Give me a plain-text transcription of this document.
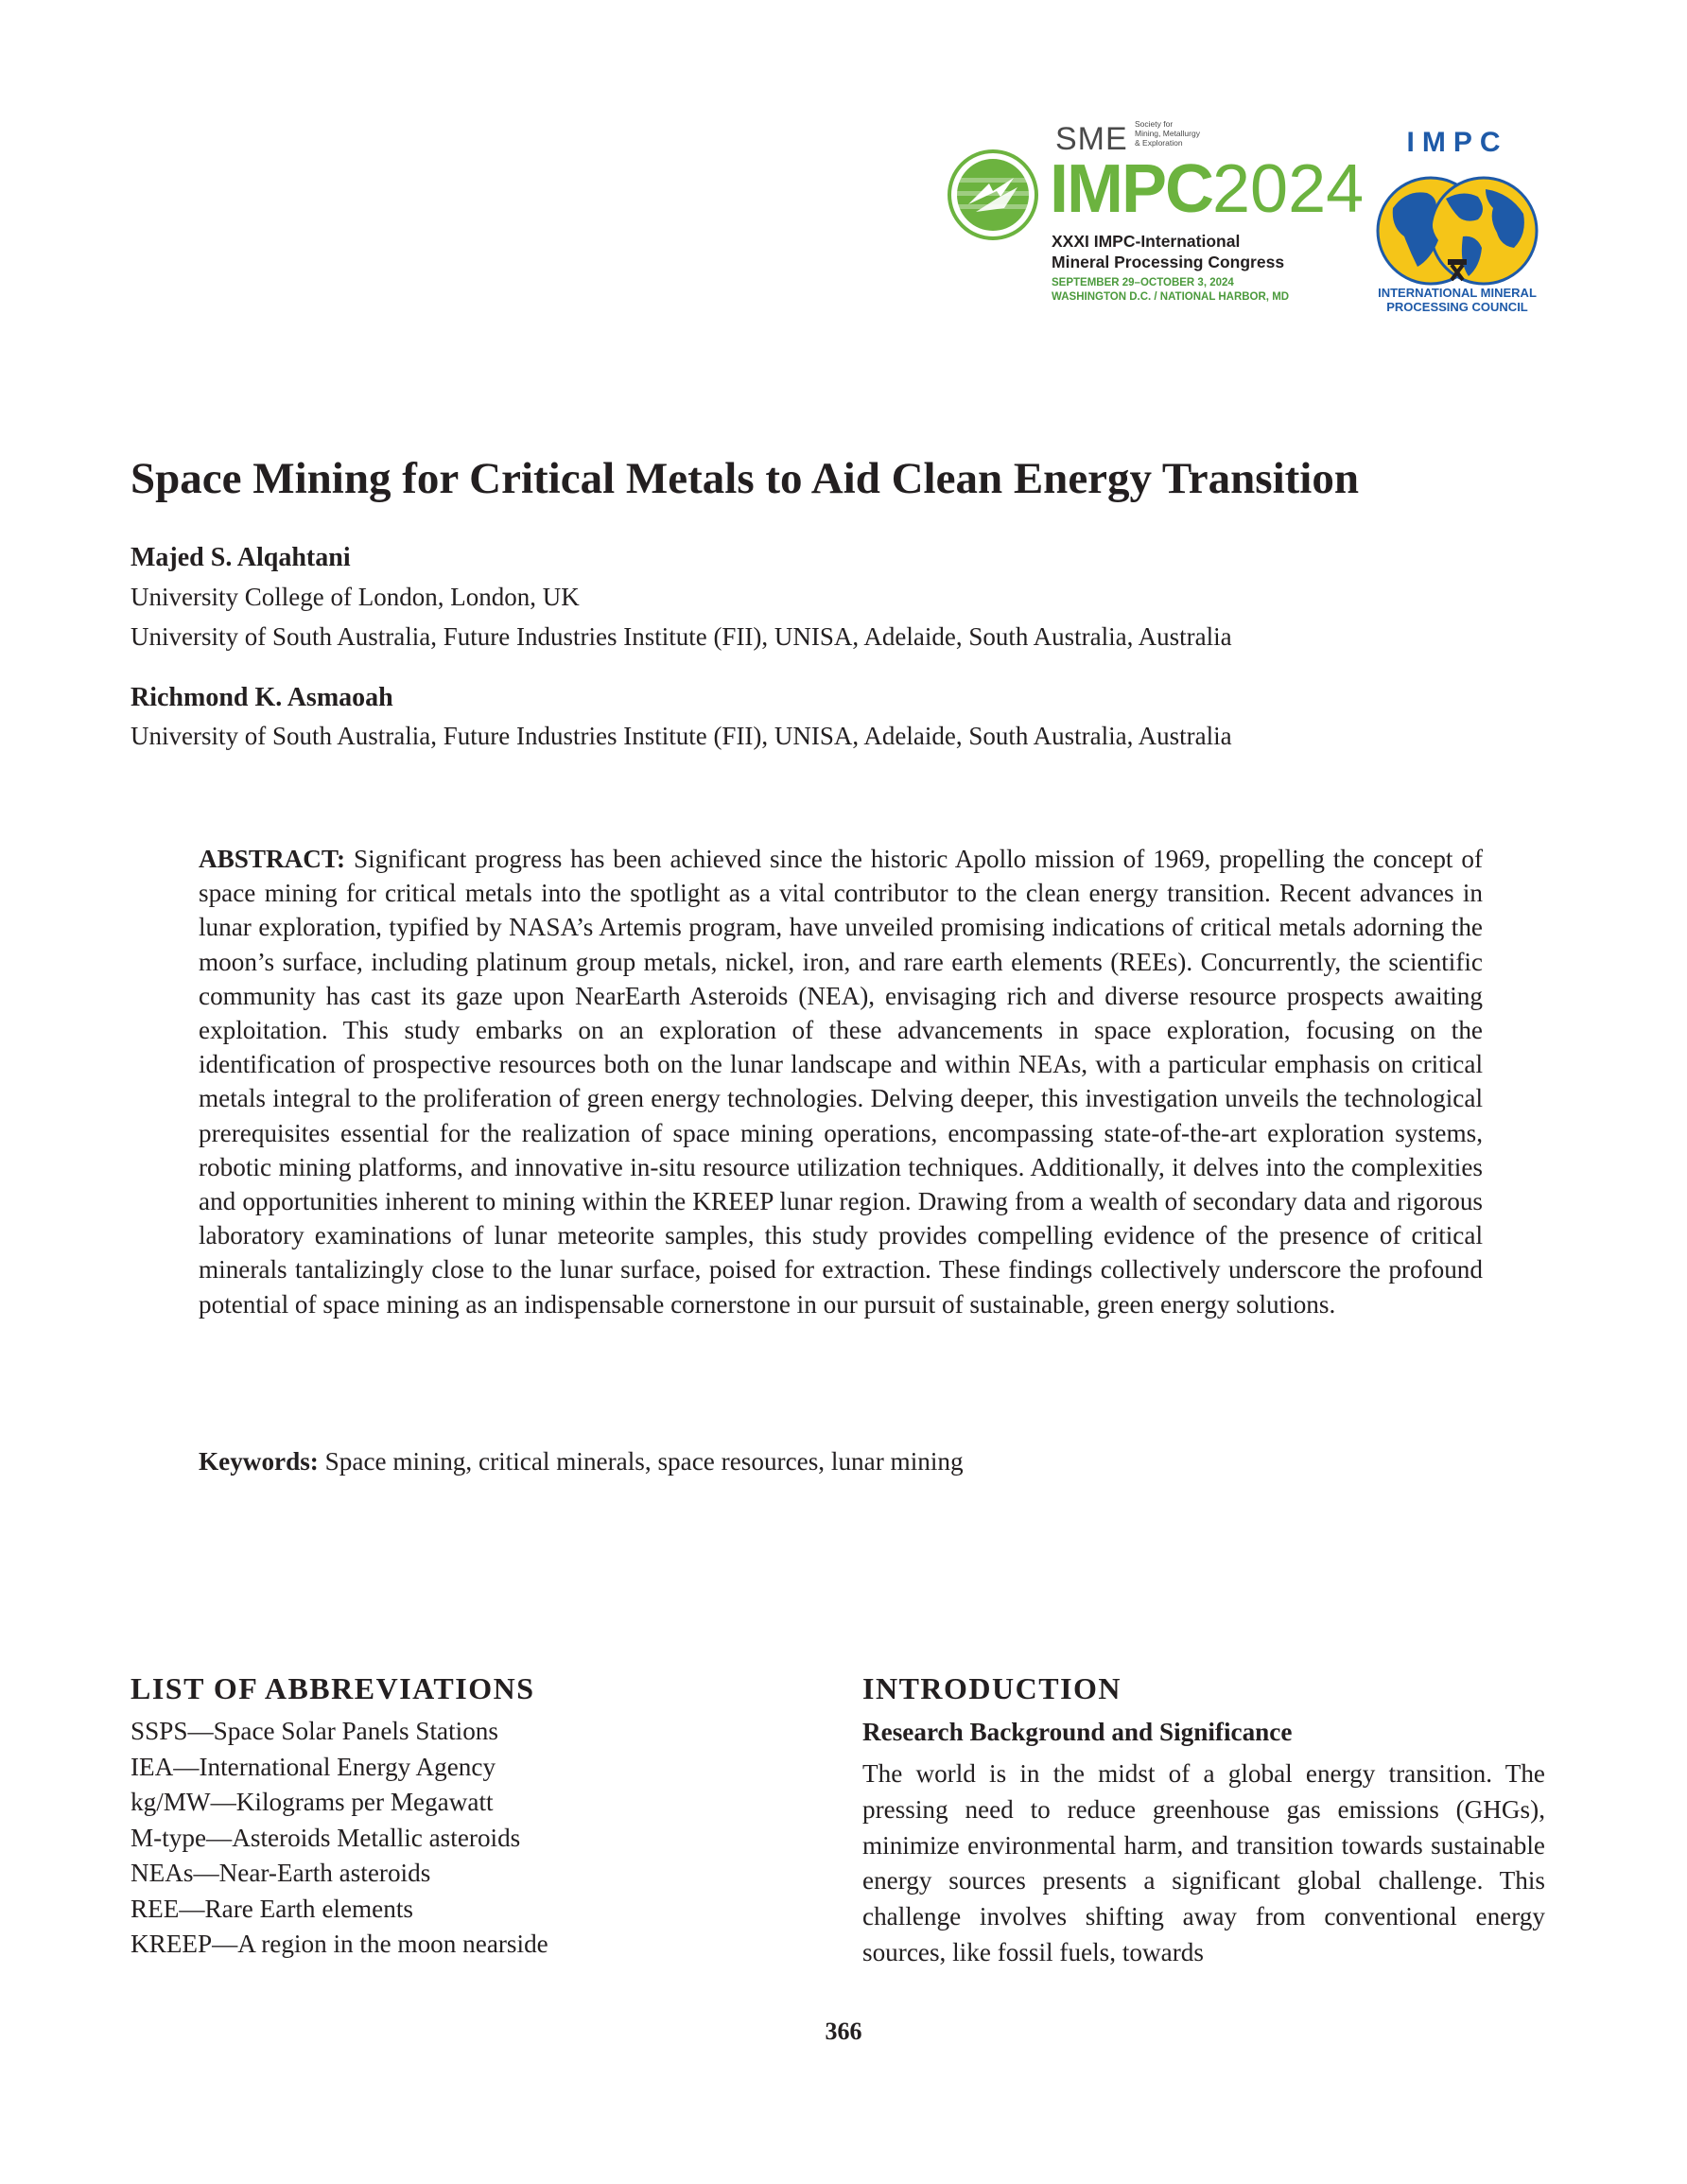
SME Society for
Mining, Metallurgy
& Exploration
IMPC2024
XXXI IMPC-International
Mineral Processing Congress
SEPTEMBER 29–OCTOBER 3, 2024
WASHINGTON D.C. / NATIONAL HARBOR, MD
IMPC
INTERNATIONAL MINERAL
PROCESSING COUNCIL
Space Mining for Critical Metals to Aid Clean Energy Transition
Majed S. Alqahtani
University College of London, London, UK
University of South Australia, Future Industries Institute (FII), UNISA, Adelaide, South Australia, Australia
Richmond K. Asmaoah
University of South Australia, Future Industries Institute (FII), UNISA, Adelaide, South Australia, Australia

ABSTRACT: Significant progress has been achieved since the historic Apollo mission of 1969, propelling the concept of space mining for critical metals into the spotlight as a vital contributor to the clean energy transition. Recent advances in lunar exploration, typified by NASA’s Artemis program, have unveiled promising indications of critical metals adorning the moon’s surface, including platinum group metals, nickel, iron, and rare earth elements (REEs). Concurrently, the scientific community has cast its gaze upon NearEarth Asteroids (NEA), envisaging rich and diverse resource prospects awaiting exploitation. This study embarks on an exploration of these advancements in space exploration, focusing on the identification of prospective resources both on the lunar landscape and within NEAs, with a particular emphasis on critical metals integral to the proliferation of green energy technologies. Delving deeper, this investigation unveils the technological prerequisites essential for the realization of space mining operations, encompassing state-of-the-art exploration systems, robotic mining platforms, and innovative in-situ resource utilization techniques. Additionally, it delves into the complexities and opportunities inherent to mining within the KREEP lunar region. Drawing from a wealth of secondary data and rigorous laboratory examinations of lunar meteorite samples, this study provides compelling evidence of the presence of critical minerals tantalizingly close to the lunar surface, poised for extraction. These findings collectively underscore the profound potential of space mining as an indispensable cornerstone in our pursuit of sustainable, green energy solutions.

Keywords: Space mining, critical minerals, space resources, lunar mining

LIST OF ABBREVIATIONS
SSPS—Space Solar Panels Stations
IEA—International Energy Agency
kg/MW—Kilograms per Megawatt
M-type—Asteroids Metallic asteroids
NEAs—Near-Earth asteroids
REE—Rare Earth elements
KREEP—A region in the moon nearside
INTRODUCTION
Research Background and Significance

The world is in the midst of a global energy transition. The pressing need to reduce greenhouse gas emissions (GHGs), minimize environmental harm, and transition towards sustainable energy sources presents a significant global challenge. This challenge involves shifting away from conventional energy sources, like fossil fuels, towards

366
